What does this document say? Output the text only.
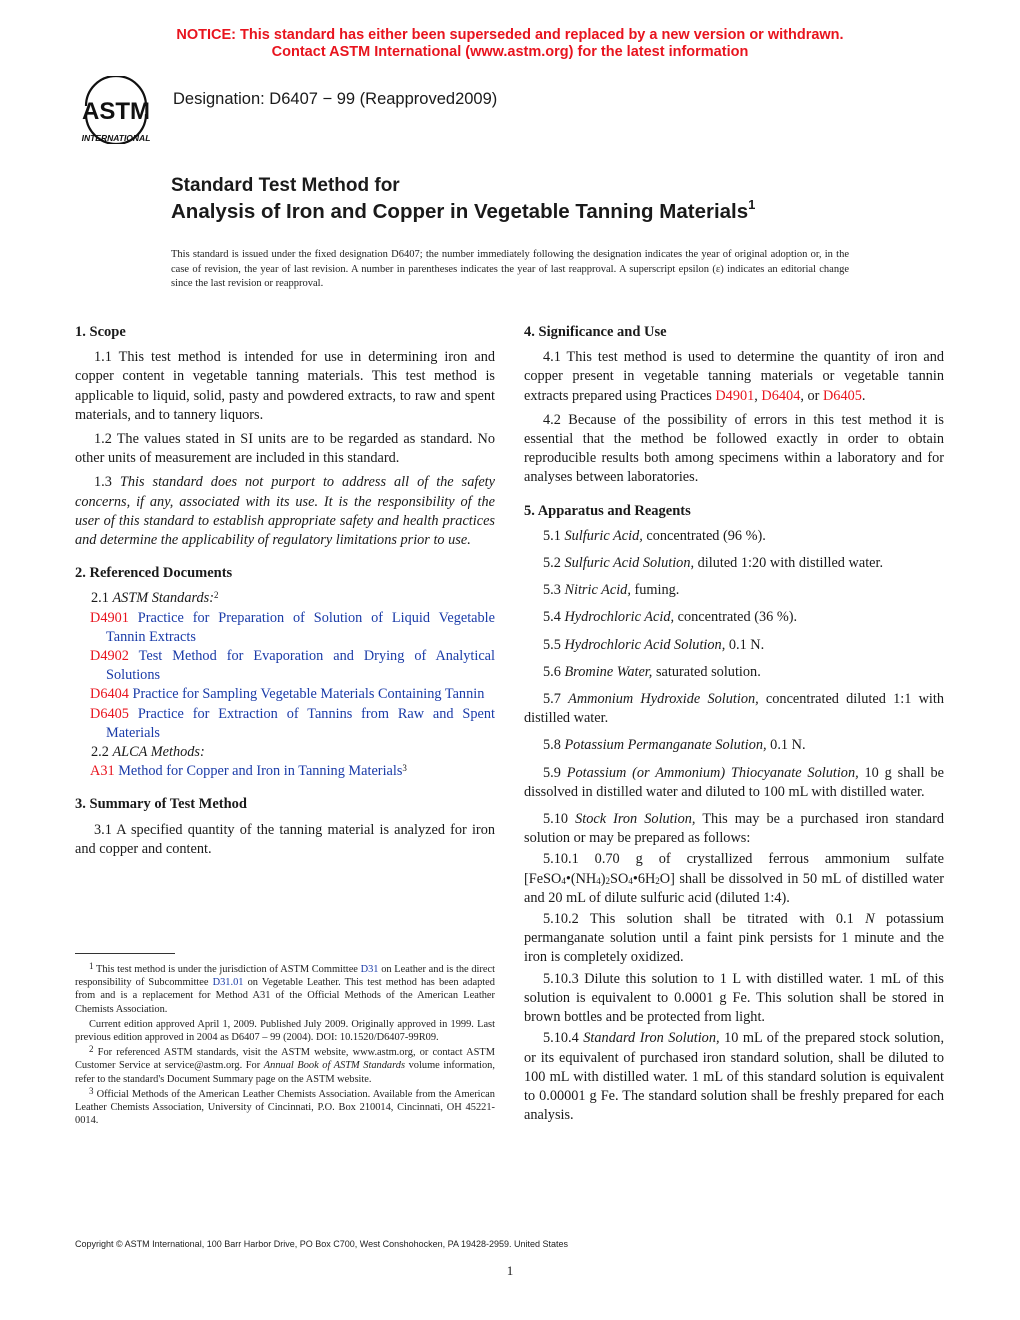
NOTICE: This standard has either been superseded and replaced by a new version or withdrawn.
Contact ASTM International (www.astm.org) for the latest information
ASTM
INTERNATIONAL
Designation: D6407 − 99 (Reapproved2009)
Standard Test Method for
Analysis of Iron and Copper in Vegetable Tanning Materials$^1$
This standard is issued under the fixed designation D6407; the number immediately following the designation indicates the year of original adoption or, in the case of revision, the year of last revision. A number in parentheses indicates the year of last reapproval. A superscript epsilon (ε) indicates an editorial change since the last revision or reapproval.
1. Scope

1.1 This test method is intended for use in determining iron and copper content in vegetable tanning materials. This test method is applicable to liquid, solid, pasty and powdered extracts, to raw and spent materials, and to tannery liquors.

1.2 The values stated in SI units are to be regarded as standard. No other units of measurement are included in this standard.

1.3 This standard does not purport to address all of the safety concerns, if any, associated with its use. It is the responsibility of the user of this standard to establish appropriate safety and health practices and determine the applicability of regulatory limitations prior to use.

2. Referenced Documents

2.1 ASTM Standards:$^2$

D4901 Practice for Preparation of Solution of Liquid Vegetable Tannin Extracts

D4902 Test Method for Evaporation and Drying of Analytical Solutions

D6404 Practice for Sampling Vegetable Materials Containing Tannin

D6405 Practice for Extraction of Tannins from Raw and Spent Materials

2.2 ALCA Methods:

A31 Method for Copper and Iron in Tanning Materials$^3$

3. Summary of Test Method

3.1 A specified quantity of the tanning material is analyzed for iron and copper and content.

$^1$ This test method is under the jurisdiction of ASTM Committee D31 on Leather and is the direct responsibility of Subcommittee D31.01 on Vegetable Leather. This test method has been adapted from and is a replacement for Method A31 of the Official Methods of the American Leather Chemists Association.

Current edition approved April 1, 2009. Published July 2009. Originally approved in 1999. Last previous edition approved in 2004 as D6407 – 99 (2004). DOI: 10.1520/D6407-99R09.

$^2$ For referenced ASTM standards, visit the ASTM website, www.astm.org, or contact ASTM Customer Service at service@astm.org. For Annual Book of ASTM Standards volume information, refer to the standard's Document Summary page on the ASTM website.

$^3$ Official Methods of the American Leather Chemists Association. Available from the American Leather Chemists Association, University of Cincinnati, P.O. Box 210014, Cincinnati, OH 45221-0014.

4. Significance and Use

4.1 This test method is used to determine the quantity of iron and copper present in vegetable tanning materials or vegetable tannin extracts prepared using Practices D4901, D6404, or D6405.

4.2 Because of the possibility of errors in this test method it is essential that the method be followed exactly in order to obtain reproducible results both among specimens within a laboratory and for analyses between laboratories.

5. Apparatus and Reagents

5.1 Sulfuric Acid, concentrated (96 %).

5.2 Sulfuric Acid Solution, diluted 1:20 with distilled water.

5.3 Nitric Acid, fuming.

5.4 Hydrochloric Acid, concentrated (36 %).

5.5 Hydrochloric Acid Solution, 0.1 N.

5.6 Bromine Water, saturated solution.

5.7 Ammonium Hydroxide Solution, concentrated diluted 1:1 with distilled water.

5.8 Potassium Permanganate Solution, 0.1 N.

5.9 Potassium (or Ammonium) Thiocyanate Solution, 10 g shall be dissolved in distilled water and diluted to 100 mL with distilled water.

5.10 Stock Iron Solution, This may be a purchased iron standard solution or may be prepared as follows:

5.10.1 0.70 g of crystallized ferrous ammonium sulfate $[FeSO_4•(NH_4)_2SO_4•6H_2O]$ shall be dissolved in 50 mL of distilled water and 20 mL of dilute sulfuric acid (diluted 1:4).

5.10.2 This solution shall be titrated with 0.1 N potassium permanganate solution until a faint pink persists for 1 minute and the iron is completely oxidized.

5.10.3 Dilute this solution to 1 L with distilled water. 1 mL of this solution is equivalent to 0.0001 g Fe. This solution shall be stored in brown bottles and be protected from light.

5.10.4 Standard Iron Solution, 10 mL of the prepared stock solution, or its equivalent of purchased iron standard solution, shall be diluted to 100 mL with distilled water. 1 mL of this standard solution is equivalent to 0.00001 g Fe. The standard solution shall be freshly prepared for each analysis.

Copyright © ASTM International, 100 Barr Harbor Drive, PO Box C700, West Conshohocken, PA 19428-2959. United States
1
